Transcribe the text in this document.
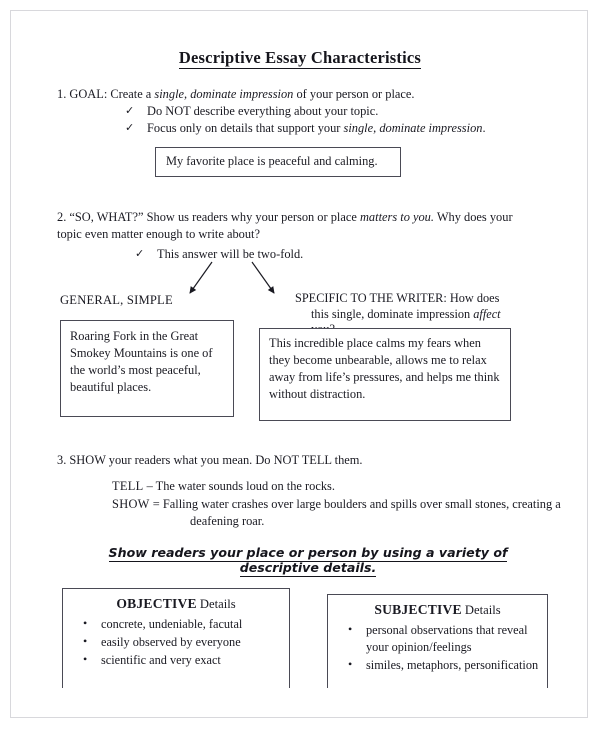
Descriptive Essay Characteristics
1. GOAL: Create a single, dominate impression of your person or place.
✓ Do NOT describe everything about your topic.
✓ Focus only on details that support your single, dominate impression.
My favorite place is peaceful and calming.
2. “SO, WHAT?” Show us readers why your person or place matters to you. Why does your topic even matter enough to write about?
✓ This answer will be two-fold.
GENERAL, SIMPLE	SPECIFIC TO THE WRITER: How does
this single, dominate impression affect
Roaring Fork in the Great Smokey Mountains is one of the world’s most peaceful, beautiful places.
This incredible place calms my fears when they become unbearable, allows me to relax away from life’s pressures, and helps me think without distraction.
3. SHOW your readers what you mean. Do NOT TELL them.
TELL – The water sounds loud on the rocks.
SHOW = Falling water crashes over large boulders and spills over small stones, creating a
deafening roar.
Show readers your place or person by using a variety of descriptive details.
OBJECTIVE Details
• concrete, undeniable, facutal
• easily observed by everyone
• scientific and very exact
SUBJECTIVE Details
• personal observations that reveal your opinion/feelings
• similes, metaphors, personification
